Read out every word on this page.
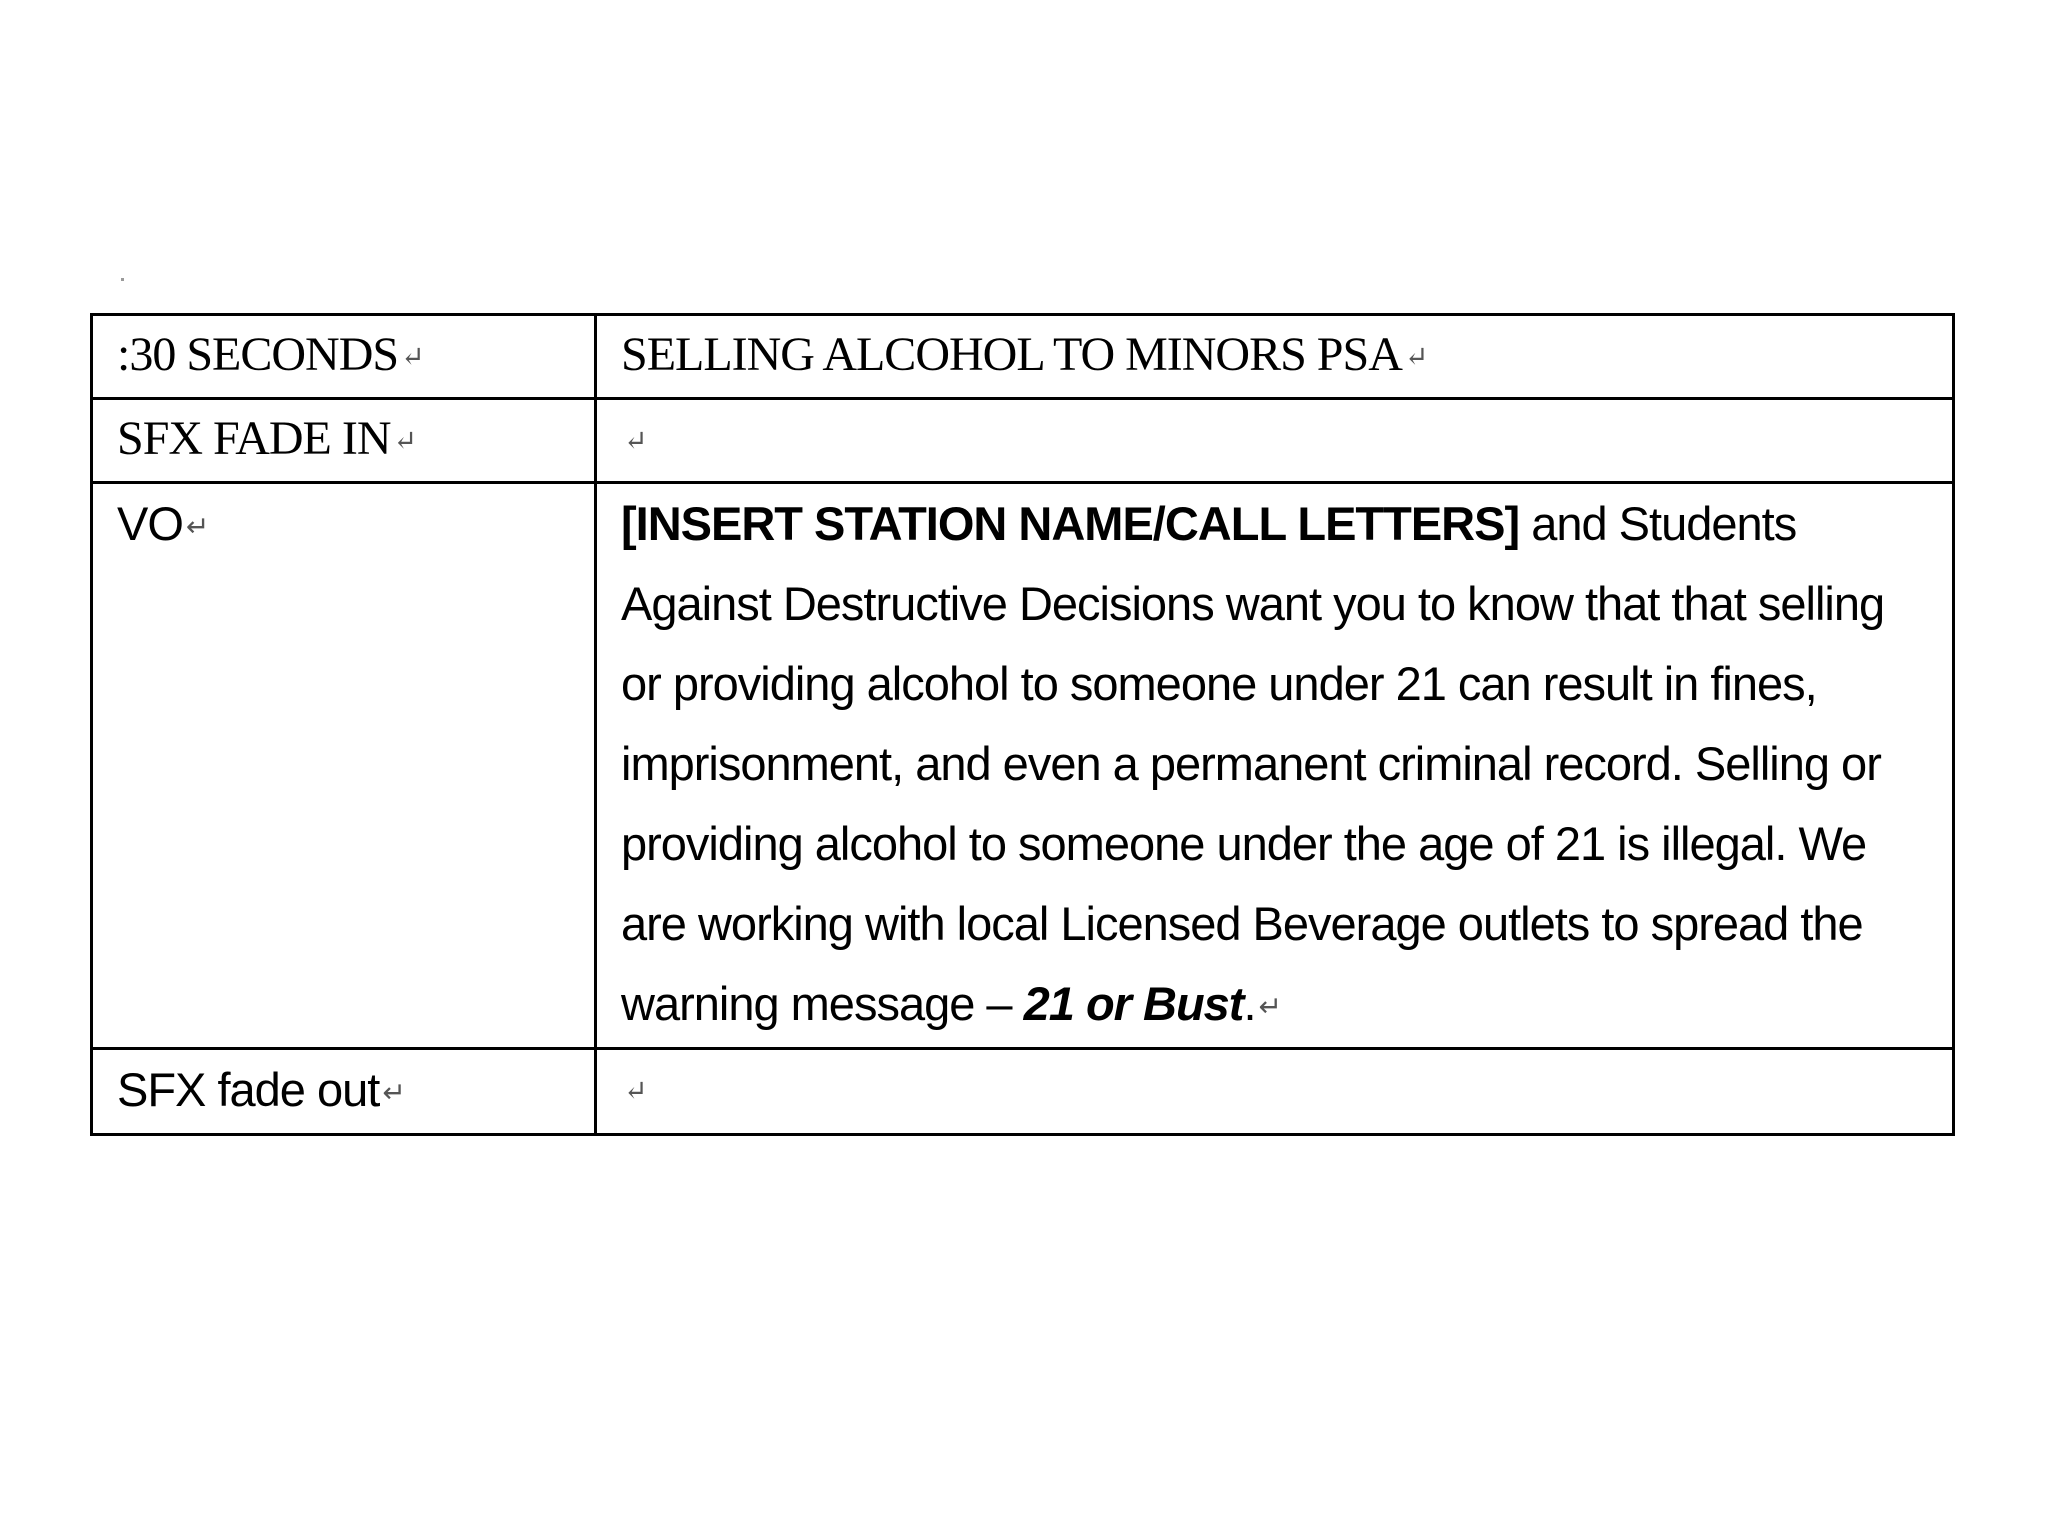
:30 SECONDS ↵	SELLING ALCOHOL TO MINORS PSA ↵
SFX FADE IN ↵	↵
VO ↵	[INSERT STATION NAME/CALL LETTERS] and Students Against Destructive Decisions want you to know that that selling or providing alcohol to someone under 21 can result in fines, imprisonment, and even a permanent criminal record. Selling or providing alcohol to someone under the age of 21 is illegal. We are working with local Licensed Beverage outlets to spread the warning message – 21 or Bust. ↵
SFX fade out ↵	↵
